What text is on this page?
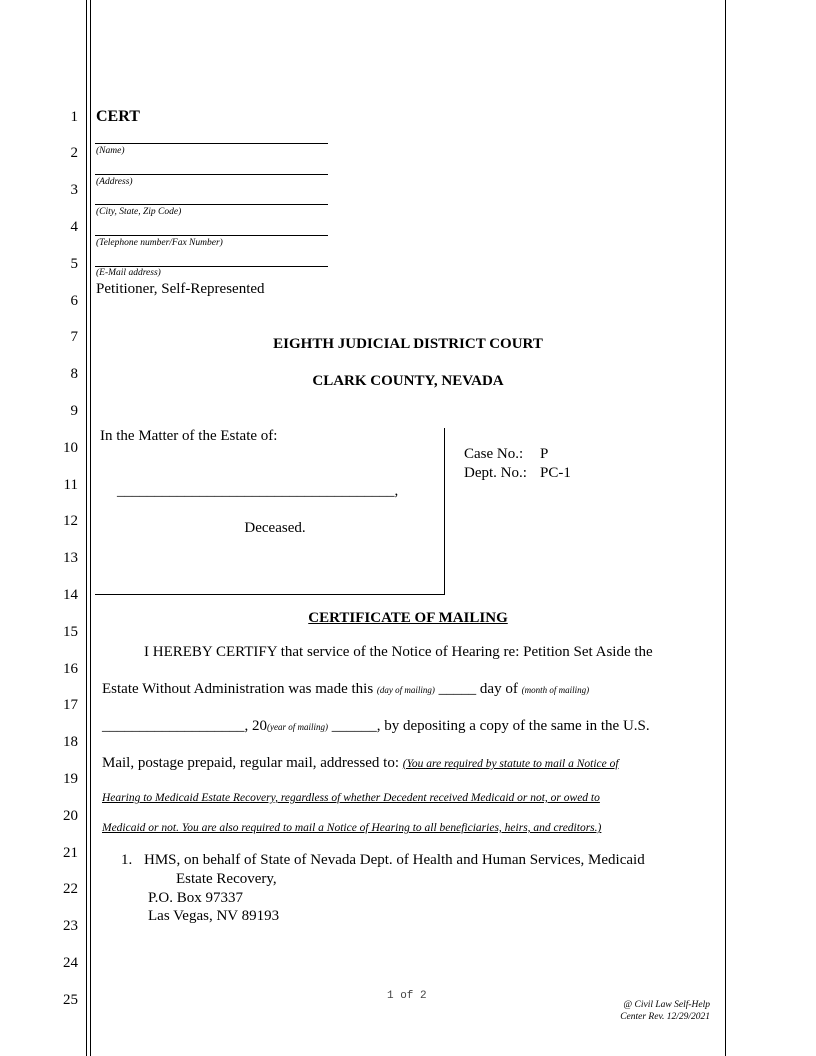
1
2
3
4
5
6
7
8
9
10
11
12
13
14
15
16
17
18
19
20
21
22
23
24
25
CERT
(Name)
(Address)
(City, State, Zip Code)
(Telephone number/Fax Number)
(E-Mail address)
Petitioner, Self-Represented
EIGHTH JUDICIAL DISTRICT COURT
CLARK COUNTY, NEVADA
In the Matter of the Estate of:
_____________________________________,
Deceased.
Case No.: P
Dept. No.: PC-1
CERTIFICATE OF MAILING
I HEREBY CERTIFY that service of the Notice of Hearing re: Petition Set Aside the
Estate Without Administration was made this (day of mailing) _____ day of (month of mailing)
___________________, 20(year of mailing) ______, by depositing a copy of the same in the U.S.
Mail, postage prepaid, regular mail, addressed to: (You are required by statute to mail a Notice of
Hearing to Medicaid Estate Recovery, regardless of whether Decedent received Medicaid or not, or owed to
Medicaid or not. You are also required to mail a Notice of Hearing to all beneficiaries, heirs, and creditors.)
1. HMS, on behalf of State of Nevada Dept. of Health and Human Services, Medicaid
Estate Recovery,
P.O. Box 97337
Las Vegas, NV 89193
1 of 2
@ Civil Law Self-Help
Center Rev. 12/29/2021
